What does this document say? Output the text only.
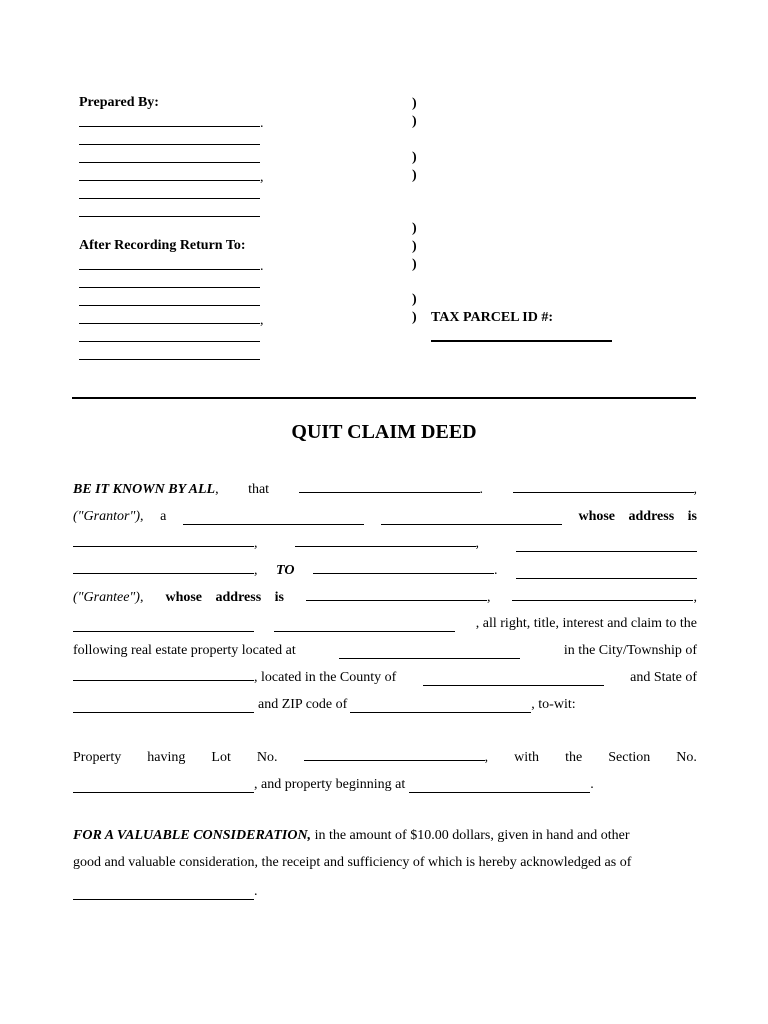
Prepared By:
.
,
After Recording Return To:
.
,
)
)
)
)
)
)
)
)
) TAX PARCEL ID #:
QUIT CLAIM DEED
BE IT KNOWN BY ALL, that	.	,
("Grantor"), a	whose address is
,	,
, TO	.
("Grantee"), whose address is	,	,
, all right, title, interest and claim to the
following real estate property located at	in the City/Township of
, located in the County of	and State of
and ZIP code of	, to-wit:
Property having Lot No.	, with the Section No.
, and property beginning at	.
FOR A VALUABLE CONSIDERATION, in the amount of $10.00 dollars, given in hand and other
good and valuable consideration, the receipt and sufficiency of which is hereby acknowledged as of
.
